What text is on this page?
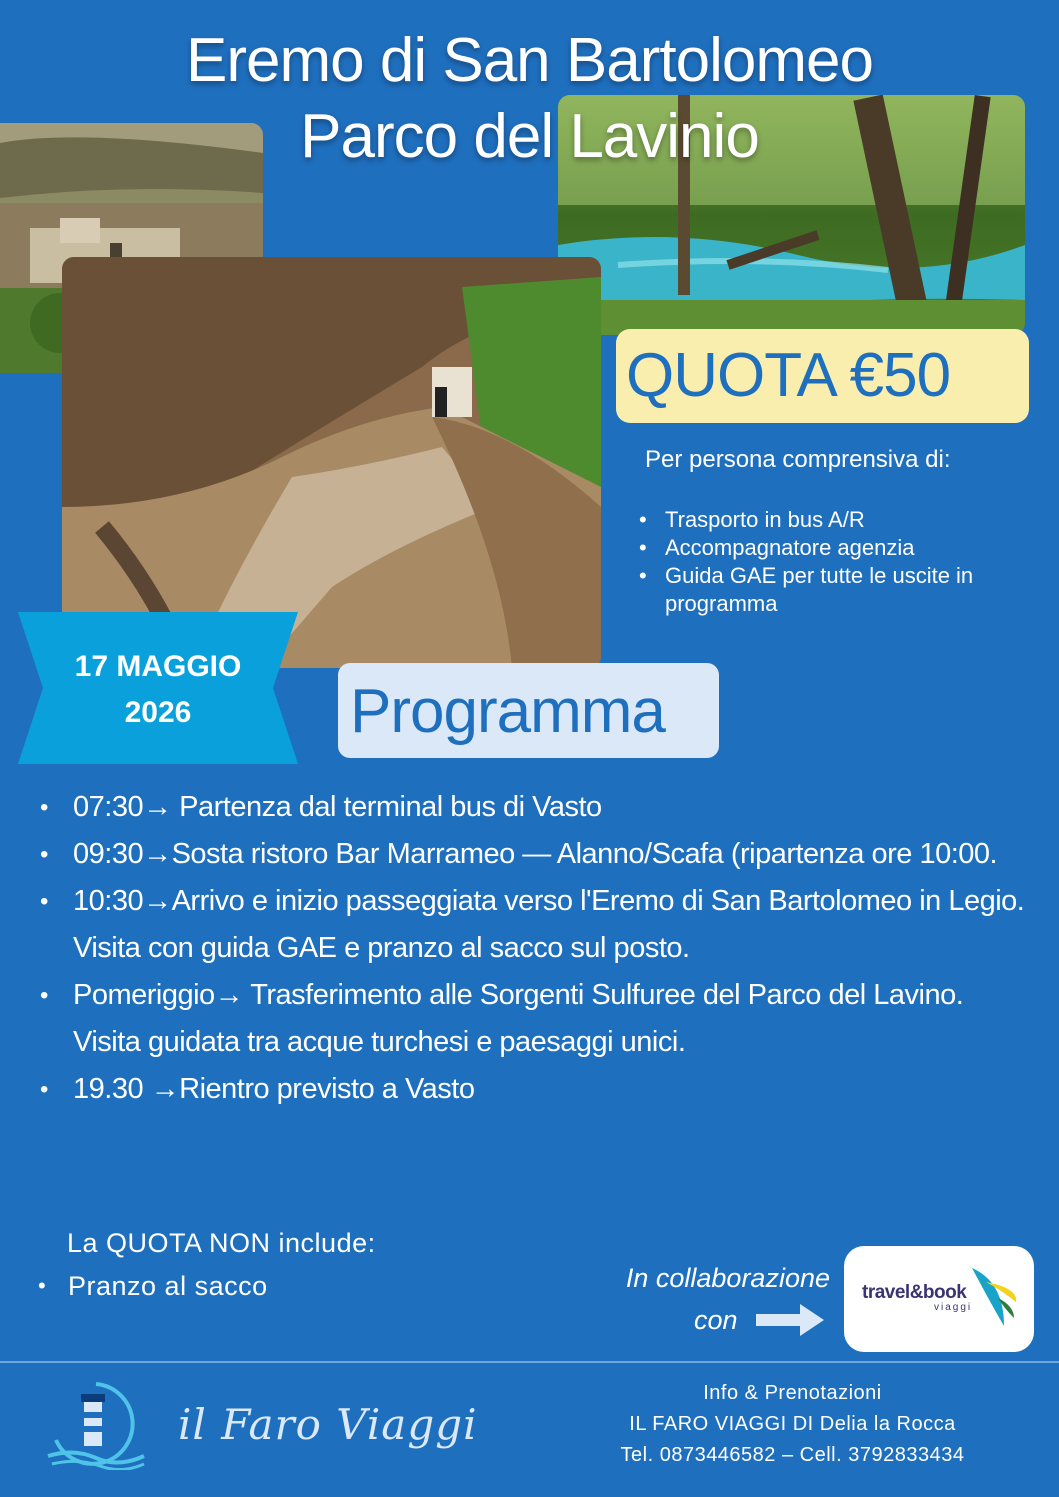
Eremo di San Bartolomeo
Parco del Lavinio
QUOTA €50
Per persona comprensiva di:
• Trasporto in bus A/R
• Accompagnatore agenzia
• Guida GAE per tutte le uscite in programma
17 MAGGIO
2026	Programma
• 07:30→ Partenza dal terminal bus di Vasto
• 09:30→Sosta ristoro Bar Marrameo — Alanno/Scafa (ripartenza ore 10:00.
• 10:30→Arrivo e inizio passeggiata verso l'Eremo di San Bartolomeo in Legio. Visita con guida GAE e pranzo al sacco sul posto.
• Pomeriggio→ Trasferimento alle Sorgenti Sulfuree del Parco del Lavino. Visita guidata tra acque turchesi e paesaggi unici.
• 19.30 →Rientro previsto a Vasto
La QUOTA NON include:
• Pranzo al sacco	In collaborazione
con
travel&book
viaggi
il Faro Viaggi
Info & Prenotazioni
IL FARO VIAGGI DI Delia la Rocca
Tel. 0873446582 – Cell. 3792833434
